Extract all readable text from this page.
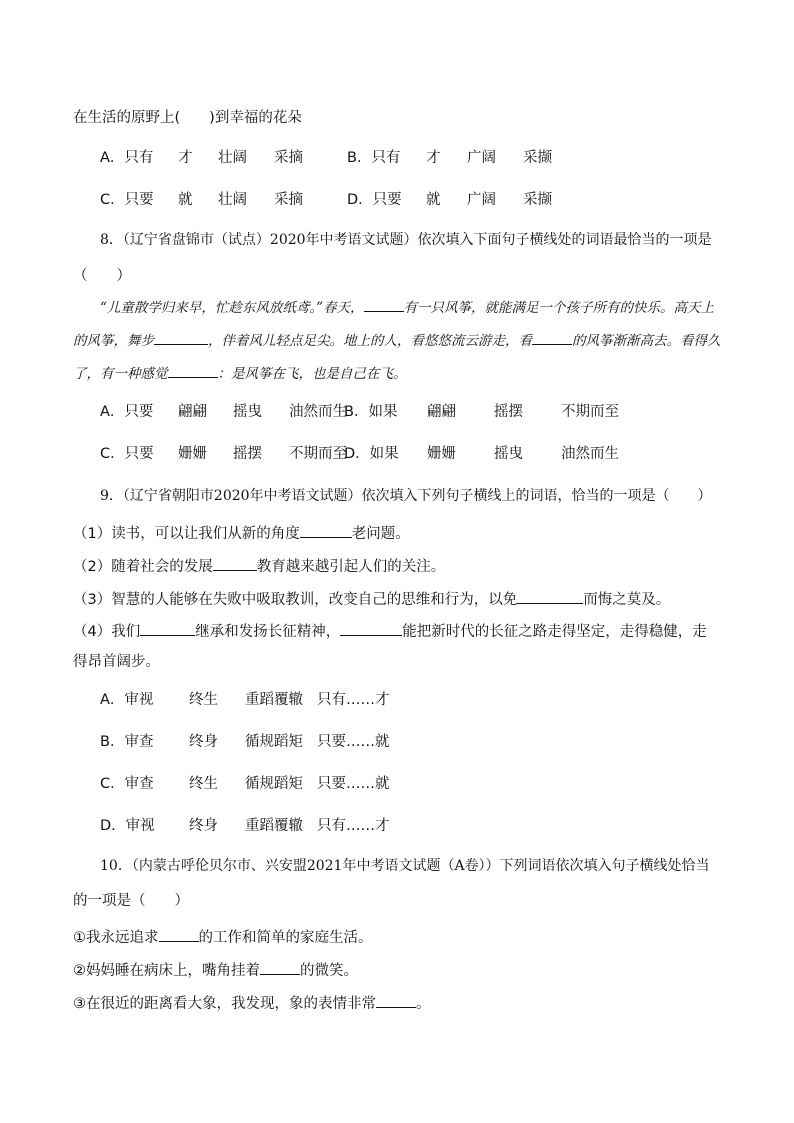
在生活的原野上(　　)到幸福的花朵
A．只有 才 壮阔 采摘	B．只有 才 广阔 采撷
C．只要 就 壮阔 采摘	D．只要 就 广阔 采撷
8．（辽宁省盘锦市（试点）2020年中考语文试题）依次填入下面句子横线处的词语最恰当的一项是
（　　）
“儿童散学归来早，忙趁东风放纸鸢。”春天，	有一只风筝，就能满足一个孩子所有的快乐。高天上的风筝，舞步	，伴着风儿轻点足尖。地上的人，看悠悠流云游走，看	的风筝渐渐高去。看得久了，有一种感觉	：是风筝在飞，也是自己在飞。
A．只要 翩翩 摇曳 油然而生
B．如果 翩翩	摇摆	不期而至
C．只要 姗姗 摇摆 不期而至
D．如果 姗姗	摇曳	油然而生
9．（辽宁省朝阳市2020年中考语文试题）依次填入下列句子横线上的词语，恰当的一项是（　　）
（1）读书，可以让我们从新的角度	老问题。
（2）随着社会的发展	教育越来越引起人们的关注。
（3）智慧的人能够在失败中吸取教训，改变自己的思维和行为，以免	而悔之莫及。
（4）我们	继承和发扬长征精神，	能把新时代的长征之路走得坚定，走得稳健，走
得昂首阔步。
A．审视 终生 重蹈覆辙 只有……才
B．审查 终身 循规蹈矩 只要……就
C．审查 终生 循规蹈矩 只要……就
D．审视 终身 重蹈覆辙 只有……才
10．（内蒙古呼伦贝尔市、兴安盟2021年中考语文试题（A卷））下列词语依次填入句子横线处恰当
的一项是（　　）
①我永远追求	的工作和简单的家庭生活。
②妈妈睡在病床上，嘴角挂着	的微笑。
③在很近的距离看大象，我发现，象的表情非常	。
